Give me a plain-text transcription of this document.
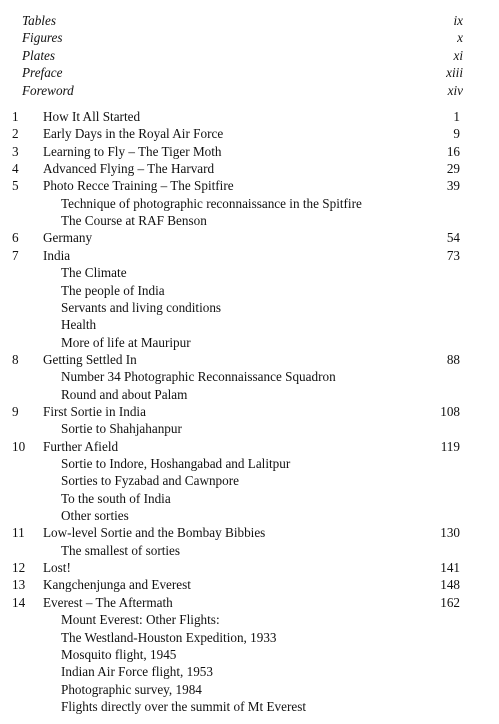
Tables	ix
Figures	x
Plates	xi
Preface	xiii
Foreword	xiv
1	How It All Started	1
2	Early Days in the Royal Air Force	9
3	Learning to Fly – The Tiger Moth	16
4	Advanced Flying – The Harvard	29
5	Photo Recce Training – The Spitfire	39
Technique of photographic reconnaissance in the Spitfire
The Course at RAF Benson
6	Germany	54
7	India	73
The Climate
The people of India
Servants and living conditions
Health
More of life at Mauripur
8	Getting Settled In	88
Number 34 Photographic Reconnaissance Squadron
Round and about Palam
9	First Sortie in India	108
Sortie to Shahjahanpur
10	Further Afield	119
Sortie to Indore, Hoshangabad and Lalitpur
Sorties to Fyzabad and Cawnpore
To the south of India
Other sorties
11	Low-level Sortie and the Bombay Bibbies	130
The smallest of sorties
12	Lost!	141
13	Kangchenjunga and Everest	148
14	Everest – The Aftermath	162
Mount Everest: Other Flights:
The Westland-Houston Expedition, 1933
Mosquito flight, 1945
Indian Air Force flight, 1953
Photographic survey, 1984
Flights directly over the summit of Mt Everest
